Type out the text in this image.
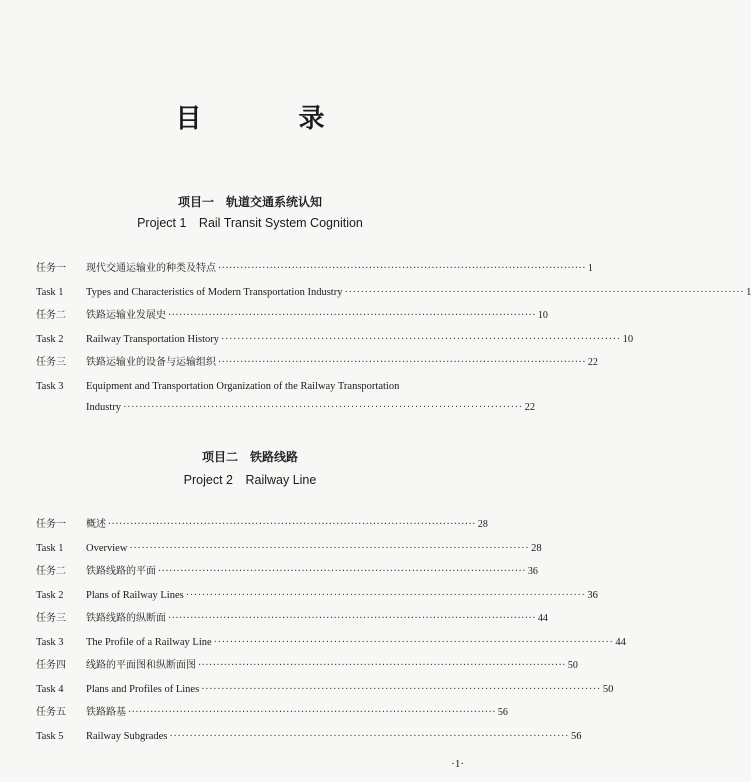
目 录
项目一　轨道交通系统认知
Project 1　Rail Transit System Cognition
任务一	现代交通运输业的种类及特点 ···································································································· 1
Task 1	Types and Characteristics of Modern Transportation Industry ···································································································· 1
任务二	铁路运输业发展史 ···································································································· 10
Task 2	Railway Transportation History ···································································································· 10
任务三	铁路运输业的设备与运输组织 ···································································································· 22
Task 3	Equipment and Transportation Organization of the Railway Transportation
Industry ···································································································· 22
项目二　铁路线路
Project 2　Railway Line
任务一	概述 ···································································································· 28
Task 1	Overview ···································································································· 28
任务二	铁路线路的平面 ···································································································· 36
Task 2	Plans of Railway Lines ···································································································· 36
任务三	铁路线路的纵断面 ···································································································· 44
Task 3	The Profile of a Railway Line ···································································································· 44
任务四	线路的平面图和纵断面图 ···································································································· 50
Task 4	Plans and Profiles of Lines ···································································································· 50
任务五	铁路路基 ···································································································· 56
Task 5	Railway Subgrades ···································································································· 56
·1·
